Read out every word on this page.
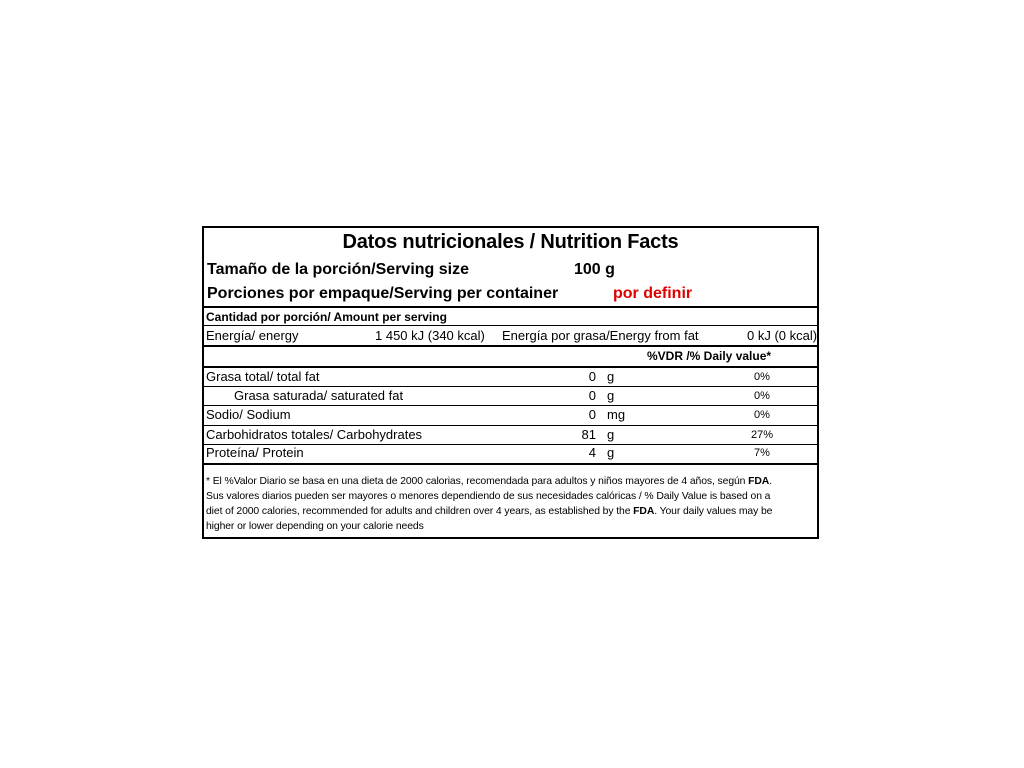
Datos nutricionales / Nutrition Facts
Tamaño de la porción/Serving size	100 g
Porciones por empaque/Serving per container	por definir
Cantidad por porción/ Amount per serving
Energía/ energy	1 450 kJ (340 kcal) Energía por grasa/Energy from fat	0 kJ (0 kcal)
%VDR /% Daily value*
Grasa total/ total fat	0 g	0%
Grasa saturada/ saturated fat	0 g	0%
Sodio/ Sodium	0 mg	0%
Carbohidratos totales/ Carbohydrates	81 g	27%
Proteína/ Protein	4 g	7%
* El %Valor Diario se basa en una dieta de 2000 calorias, recomendada para adultos y niños mayores de 4 años, según FDA.
Sus valores diarios pueden ser mayores o menores dependiendo de sus necesidades calóricas / % Daily Value is based on a
diet of 2000 calories, recommended for adults and children over 4 years, as established by the FDA. Your daily values may be
higher or lower depending on your calorie needs
